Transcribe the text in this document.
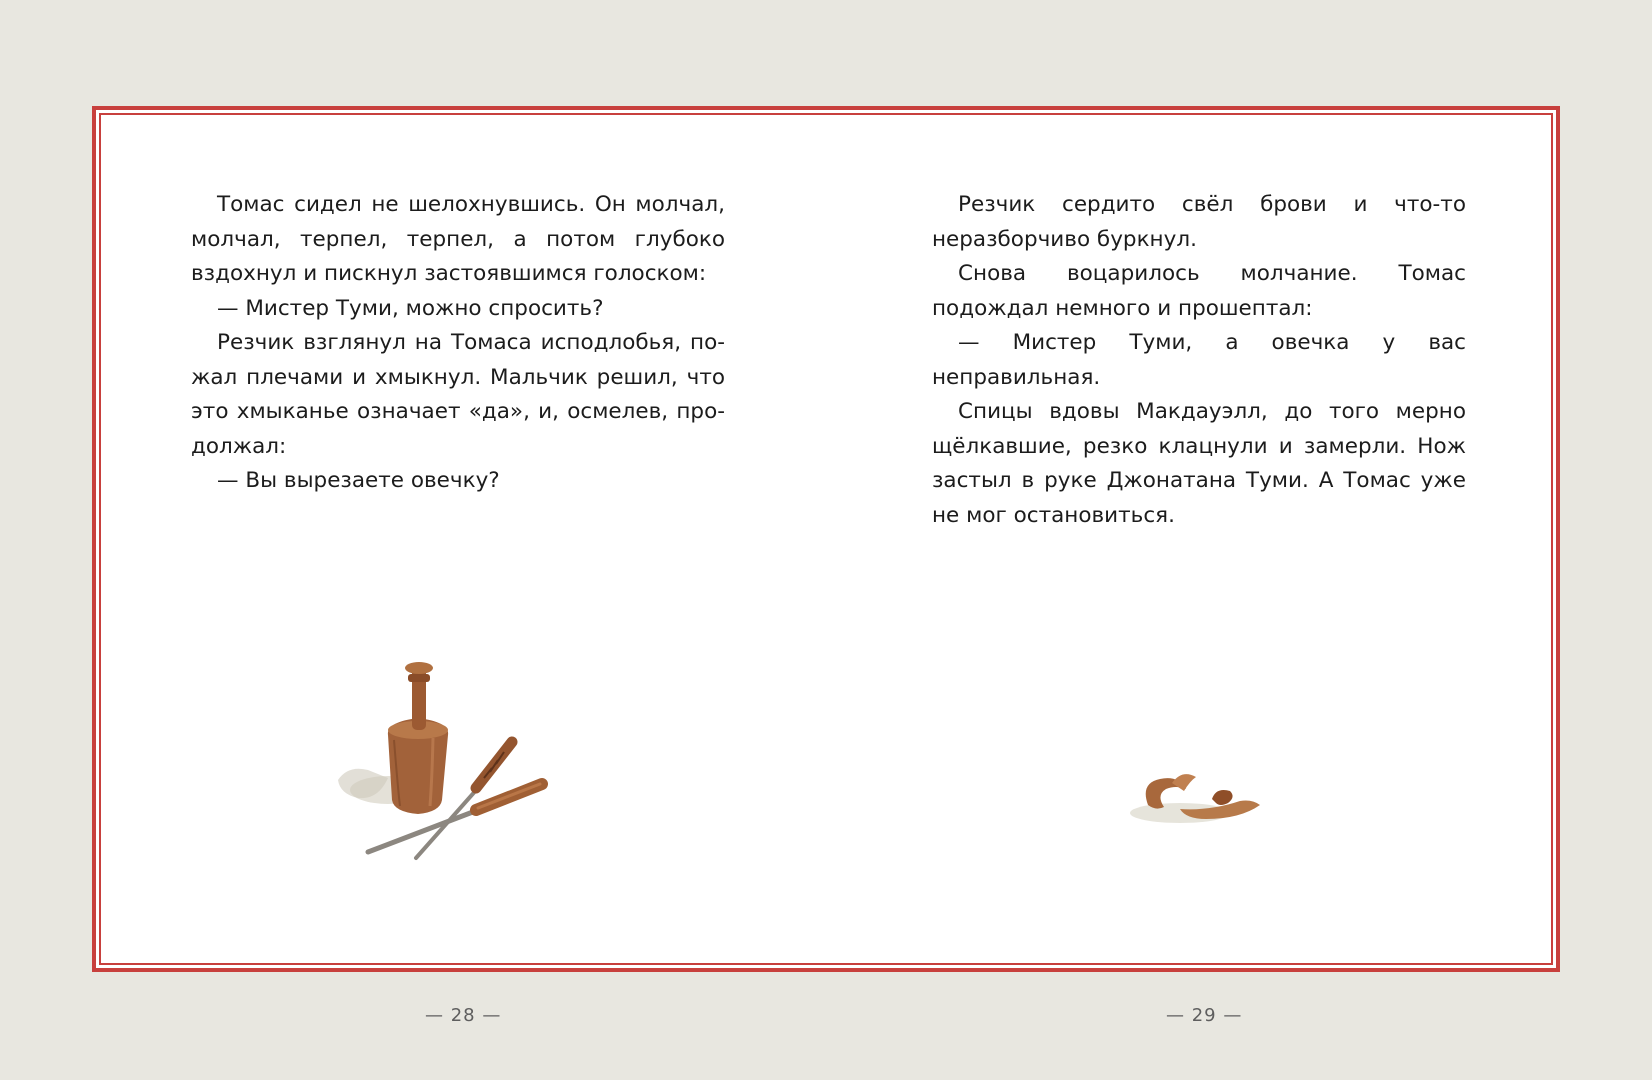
Томас сидел не шелохнувшись. Он молчал, молчал, терпел, терпел, а потом глубоко вздохнул и пискнул застоявшимся голоском:

— Мистер Туми, можно спросить?

Резчик взглянул на Томаса исподлобья, пожал плечами и хмыкнул. Мальчик решил, что это хмыканье означает «да», и, осмелев, продолжал:

— Вы вырезаете овечку?

Резчик сердито свёл брови и что-то неразборчиво буркнул.

Снова воцарилось молчание. Томас подождал немного и прошептал:

— Мистер Туми, а овечка у вас неправильная.

Спицы вдовы Макдауэлл, до того мерно щёлкавшие, резко клацнули и замерли. Нож застыл в руке Джонатана Туми. А Томас уже не мог остановиться.

— 28 —	— 29 —
